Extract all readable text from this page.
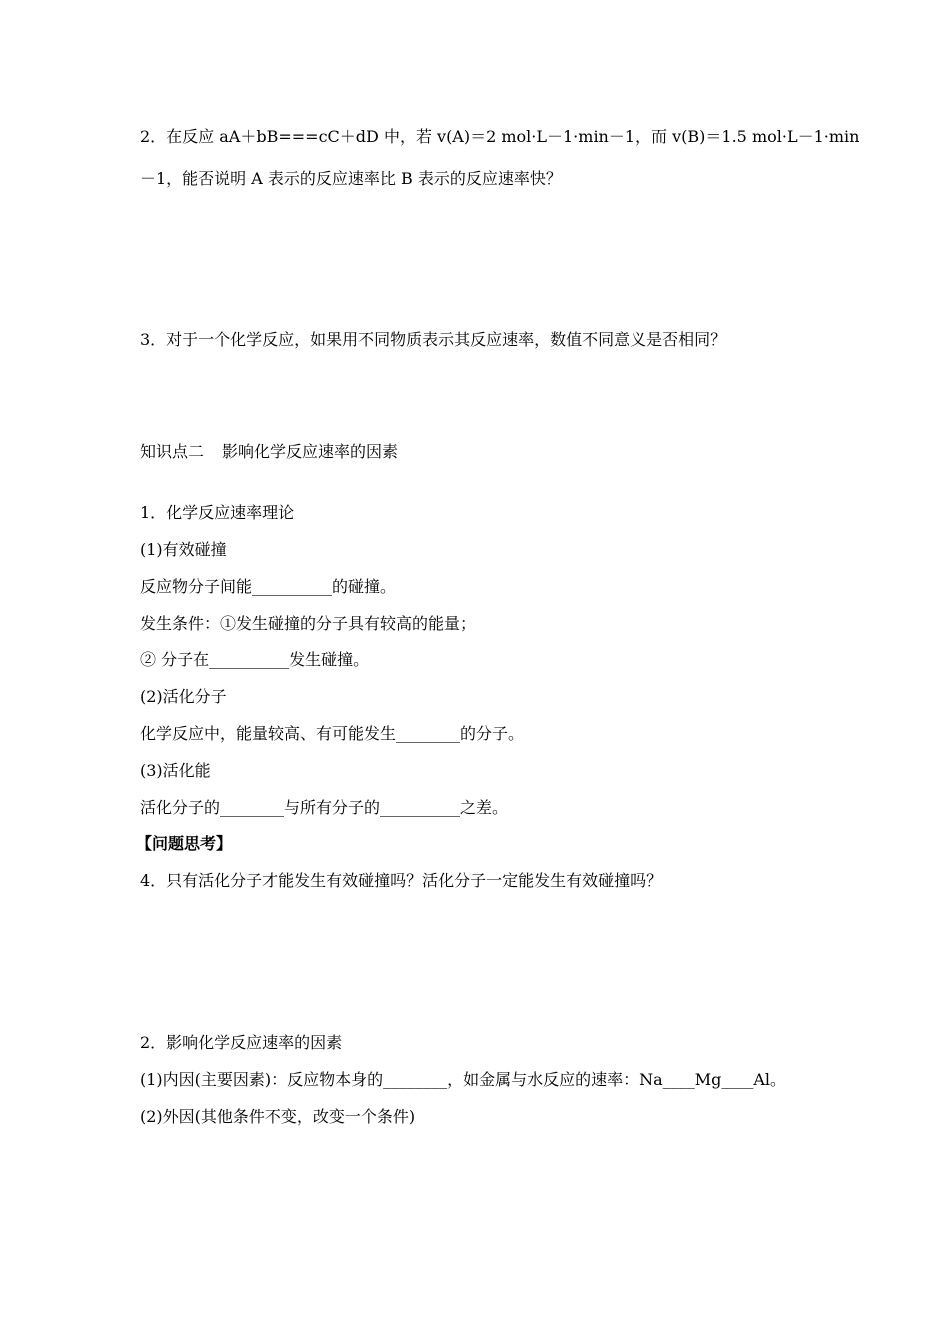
2．在反应 aA＋bB===cC＋dD 中，若 v(A)＝2 mol·L－1·min－1，而 v(B)＝1.5 mol·L－1·min
－1，能否说明 A 表示的反应速率比 B 表示的反应速率快？
3．对于一个化学反应，如果用不同物质表示其反应速率，数值不同意义是否相同？
知识点二 影响化学反应速率的因素
1．化学反应速率理论
(1)有效碰撞
反应物分子间能__________的碰撞。
发生条件：①发生碰撞的分子具有较高的能量；
② 分子在__________发生碰撞。
(2)活化分子
化学反应中，能量较高、有可能发生________的分子。
(3)活化能
活化分子的________与所有分子的__________之差。
【问题思考】
4．只有活化分子才能发生有效碰撞吗？活化分子一定能发生有效碰撞吗？
2．影响化学反应速率的因素
(1)内因(主要因素)：反应物本身的________，如金属与水反应的速率：Na____Mg____Al。
(2)外因(其他条件不变，改变一个条件)
